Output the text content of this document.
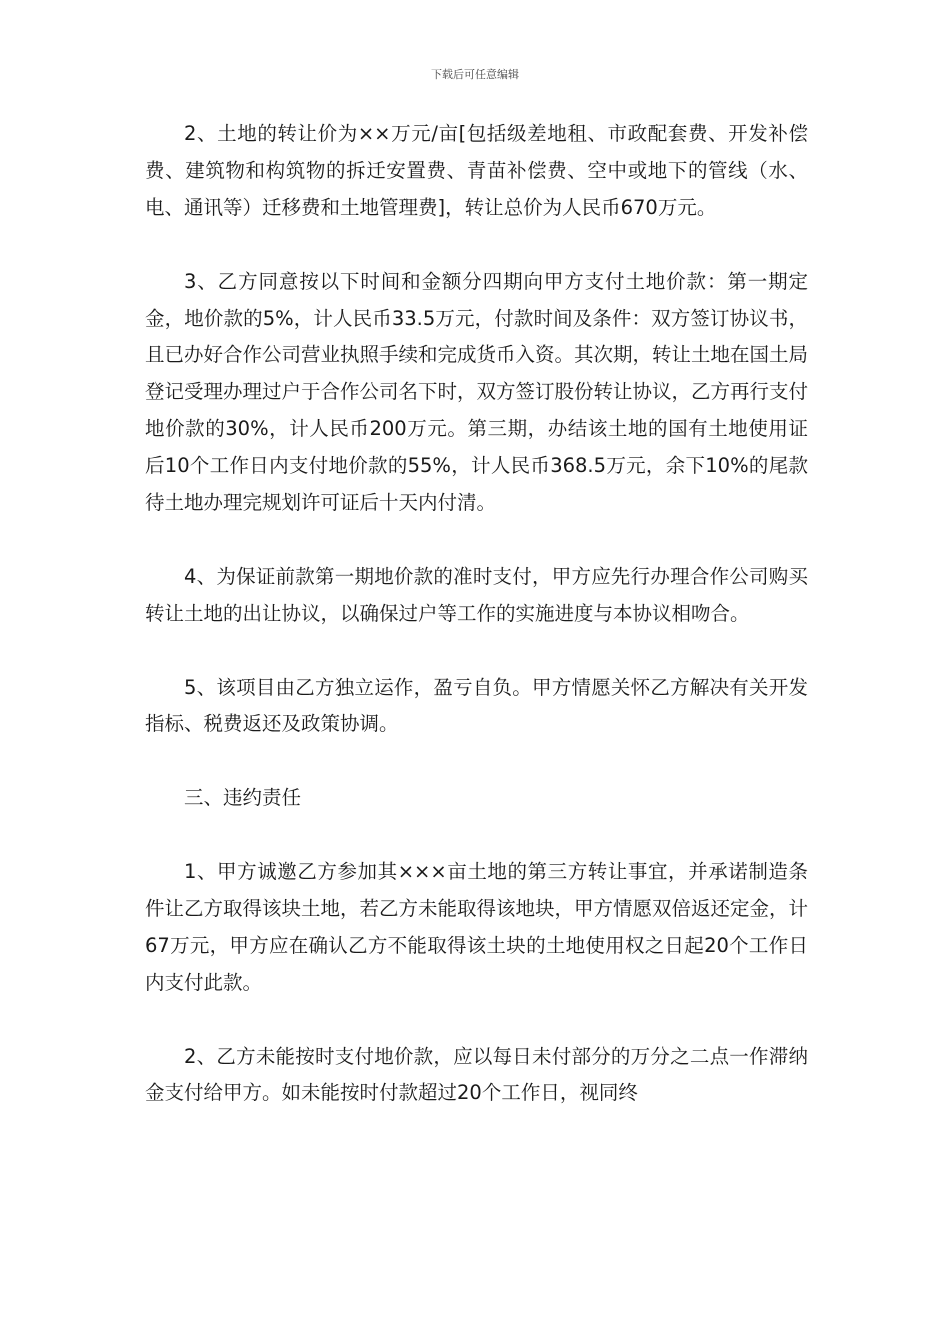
下载后可任意编辑

2、土地的转让价为××万元/亩[包括级差地租、市政配套费、开发补偿费、建筑物和构筑物的拆迁安置费、青苗补偿费、空中或地下的管线（水、电、通讯等）迁移费和土地管理费]，转让总价为人民币670万元。

3、乙方同意按以下时间和金额分四期向甲方支付土地价款：第一期定金，地价款的5%，计人民币33.5万元，付款时间及条件：双方签订协议书，且已办好合作公司营业执照手续和完成货币入资。其次期，转让土地在国土局登记受理办理过户于合作公司名下时，双方签订股份转让协议，乙方再行支付地价款的30%，计人民币200万元。第三期，办结该土地的国有土地使用证后10个工作日内支付地价款的55%，计人民币368.5万元，余下10%的尾款待土地办理完规划许可证后十天内付清。

4、为保证前款第一期地价款的准时支付，甲方应先行办理合作公司购买转让土地的出让协议，以确保过户等工作的实施进度与本协议相吻合。

5、该项目由乙方独立运作，盈亏自负。甲方情愿关怀乙方解决有关开发指标、税费返还及政策协调。

三、违约责任

1、甲方诚邀乙方参加其×××亩土地的第三方转让事宜，并承诺制造条件让乙方取得该块土地，若乙方未能取得该地块，甲方情愿双倍返还定金，计67万元，甲方应在确认乙方不能取得该土块的土地使用权之日起20个工作日内支付此款。

2、乙方未能按时支付地价款，应以每日未付部分的万分之二点一作滞纳金支付给甲方。如未能按时付款超过20个工作日，视同终
